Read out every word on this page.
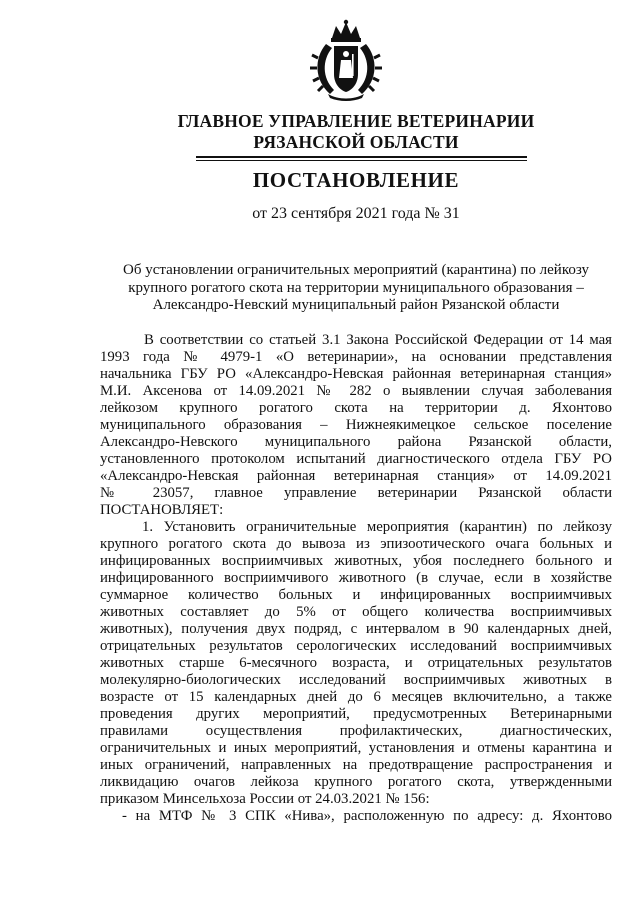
ГЛАВНОЕ УПРАВЛЕНИЕ ВЕТЕРИНАРИИ
РЯЗАНСКОЙ ОБЛАСТИ
ПОСТАНОВЛЕНИЕ
от 23 сентября 2021 года № 31
Об установлении ограничительных мероприятий (карантина) по лейкозу
крупного рогатого скота на территории муниципального образования –
Александро-Невский муниципальный район Рязанской области
В соответствии со статьей 3.1 Закона Российской Федерации от 14 мая
1993 года № 4979-1 «О ветеринарии», на основании представления
начальника ГБУ РО «Александро-Невская районная ветеринарная станция»
М.И. Аксенова от 14.09.2021 № 282 о выявлении случая заболевания
лейкозом крупного рогатого скота на территории д. Яхонтово
муниципального образования – Нижнеякимецкое сельское поселение
Александро-Невского муниципального района Рязанской области,
установленного протоколом испытаний диагностического отдела ГБУ РО
«Александро-Невская районная ветеринарная станция» от 14.09.2021
№ 23057, главное управление ветеринарии Рязанской области
ПОСТАНОВЛЯЕТ:
1. Установить ограничительные мероприятия (карантин) по лейкозу
крупного рогатого скота до вывоза из эпизоотического очага больных и
инфицированных восприимчивых животных, убоя последнего больного и
инфицированного восприимчивого животного (в случае, если в хозяйстве
суммарное количество больных и инфицированных восприимчивых
животных составляет до 5% от общего количества восприимчивых
животных), получения двух подряд, с интервалом в 90 календарных дней,
отрицательных результатов серологических исследований восприимчивых
животных старше 6-месячного возраста, и отрицательных результатов
молекулярно-биологических исследований восприимчивых животных в
возрасте от 15 календарных дней до 6 месяцев включительно, а также
проведения других мероприятий, предусмотренных Ветеринарными
правилами осуществления профилактических, диагностических,
ограничительных и иных мероприятий, установления и отмены карантина и
иных ограничений, направленных на предотвращение распространения и
ликвидацию очагов лейкоза крупного рогатого скота, утвержденными
приказом Минсельхоза России от 24.03.2021 № 156:
- на МТФ № 3 СПК «Нива», расположенную по адресу: д. Яхонтово
